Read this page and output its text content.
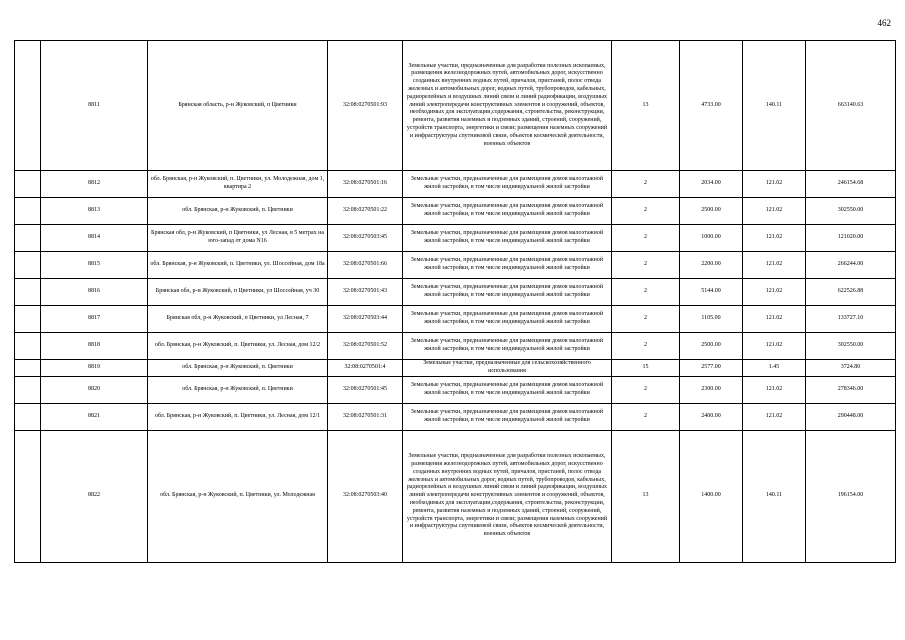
462
	8811	Брянская область, р-н Жуковский, п Цветники	32:08:0270501:93	Земельные участки, предназначенные для разработки полезных ископаемых, размещения железнодорожных путей, автомобильных дорог, искусственно созданных внутренних водных путей, причалов, пристаней, полос отвода железных и автомобильных дорог, водных путей, трубопроводов, кабельных, радиорелейных и воздушных линий связи и линий радиофикации, воздушных линий электропередачи конструктивных элементов и сооружений, объектов, необходимых для эксплуатации,содержания, строительства, реконструкции, ремонта, развития наземных и подземных зданий, строений, сооружений, устройств транспорта, энергетики и связи; размещения наземных сооружений и инфраструктуры спутниковой связи, объектов космической деятельности, военных объектов	13	4733.00	140.11	663140.63
	8812	обл. Брянская, р-н Жуковский, п. Цветники, ул. Молодежная, дом 1, квартира 2	32:08:0270501:16	Земельные участки, предназначенные для размещения домов малоэтажной жилой застройки, в том числе индивидуальной жилой застройки	2	2034.00	121.02	246154.68
	8813	обл. Брянская, р-н Жуковский, п. Цветники	32:08:0270501:22	Земельные участки, предназначенные для размещения домов малоэтажной жилой застройки, в том числе индивидуальной жилой застройки	2	2500.00	121.02	302550.00
	8814	Брянская обл, р-н Жуковский, п Цветники, ул Лесная, в 5 метрах на юго-запад от дома N16	32:08:0270503:45	Земельные участки, предназначенные для размещения домов малоэтажной жилой застройки, в том числе индивидуальной жилой застройки	2	1000.00	121.02	121020.00
	8815	обл. Брянская, р-н Жуковский, п. Цветники, ул. Шоссейная, дом 18а	32:08:0270501:66	Земельные участки, предназначенные для размещения домов малоэтажной жилой застройки, в том числе индивидуальной жилой застройки	2	2200.00	121.02	266244.00
	8816	Брянская обл, р-н Жуковский, п Цветники, ул Шоссейная, уч 30	32:08:0270501:43	Земельные участки, предназначенные для размещения домов малоэтажной жилой застройки, в том числе индивидуальной жилой застройки	2	5144.00	121.02	622526.88
	8817	Брянская обл, р-н Жуковский, п Цветники, ул Лесная, 7	32:08:0270503:44	Земельные участки, предназначенные для размещения домов малоэтажной жилой застройки, в том числе индивидуальной жилой застройки	2	1105.00	121.02	133727.10
	8818	обл. Брянская, р-н Жуковский, п. Цветники, ул. Лесная, дом 12/2	32:08:0270501:52	Земельные участки, предназначенные для размещения домов малоэтажной жилой застройки, в том числе индивидуальной жилой застройки	2	2500.00	121.02	302550.00
	8819	обл. Брянская, р-н Жуковский, п. Цветники	32:08:0270501:4	Земельные участки, предназначенные для сельскохозяйственного использования	15	2577.00	1.45	3724.80
	8820	обл. Брянская, р-н Жуковский, п. Цветники	32:08:0270501:45	Земельные участки, предназначенные для размещения домов малоэтажной жилой застройки, в том числе индивидуальной жилой застройки	2	2300.00	121.02	278346.00
	8821	обл. Брянская, р-н Жуковский, п. Цветники, ул. Лесная, дом 12/1	32:08:0270501:31	Земельные участки, предназначенные для размещения домов малоэтажной жилой застройки, в том числе индивидуальной жилой застройки	2	2400.00	121.02	290448.00
	8822	обл. Брянская, р-н Жуковский, п. Цветники, ул. Молодежная	32:08:0270503:40	Земельные участки, предназначенные для разработки полезных ископаемых, размещения железнодорожных путей, автомобильных дорог, искусственно созданных внутренних водных путей, причалов, пристаней, полос отвода железных и автомобильных дорог, водных путей, трубопроводов, кабельных, радиорелейных и воздушных линий связи и линий радиофикации, воздушных линий электропередачи конструктивных элементов и сооружений, объектов, необходимых для эксплуатации,содержания, строительства, реконструкции, ремонта, развития наземных и подземных зданий, строений, сооружений, устройств транспорта, энергетики и связи; размещения наземных сооружений и инфраструктуры спутниковой связи, объектов космической деятельности, военных объектов	13	1400.00	140.11	196154.00
